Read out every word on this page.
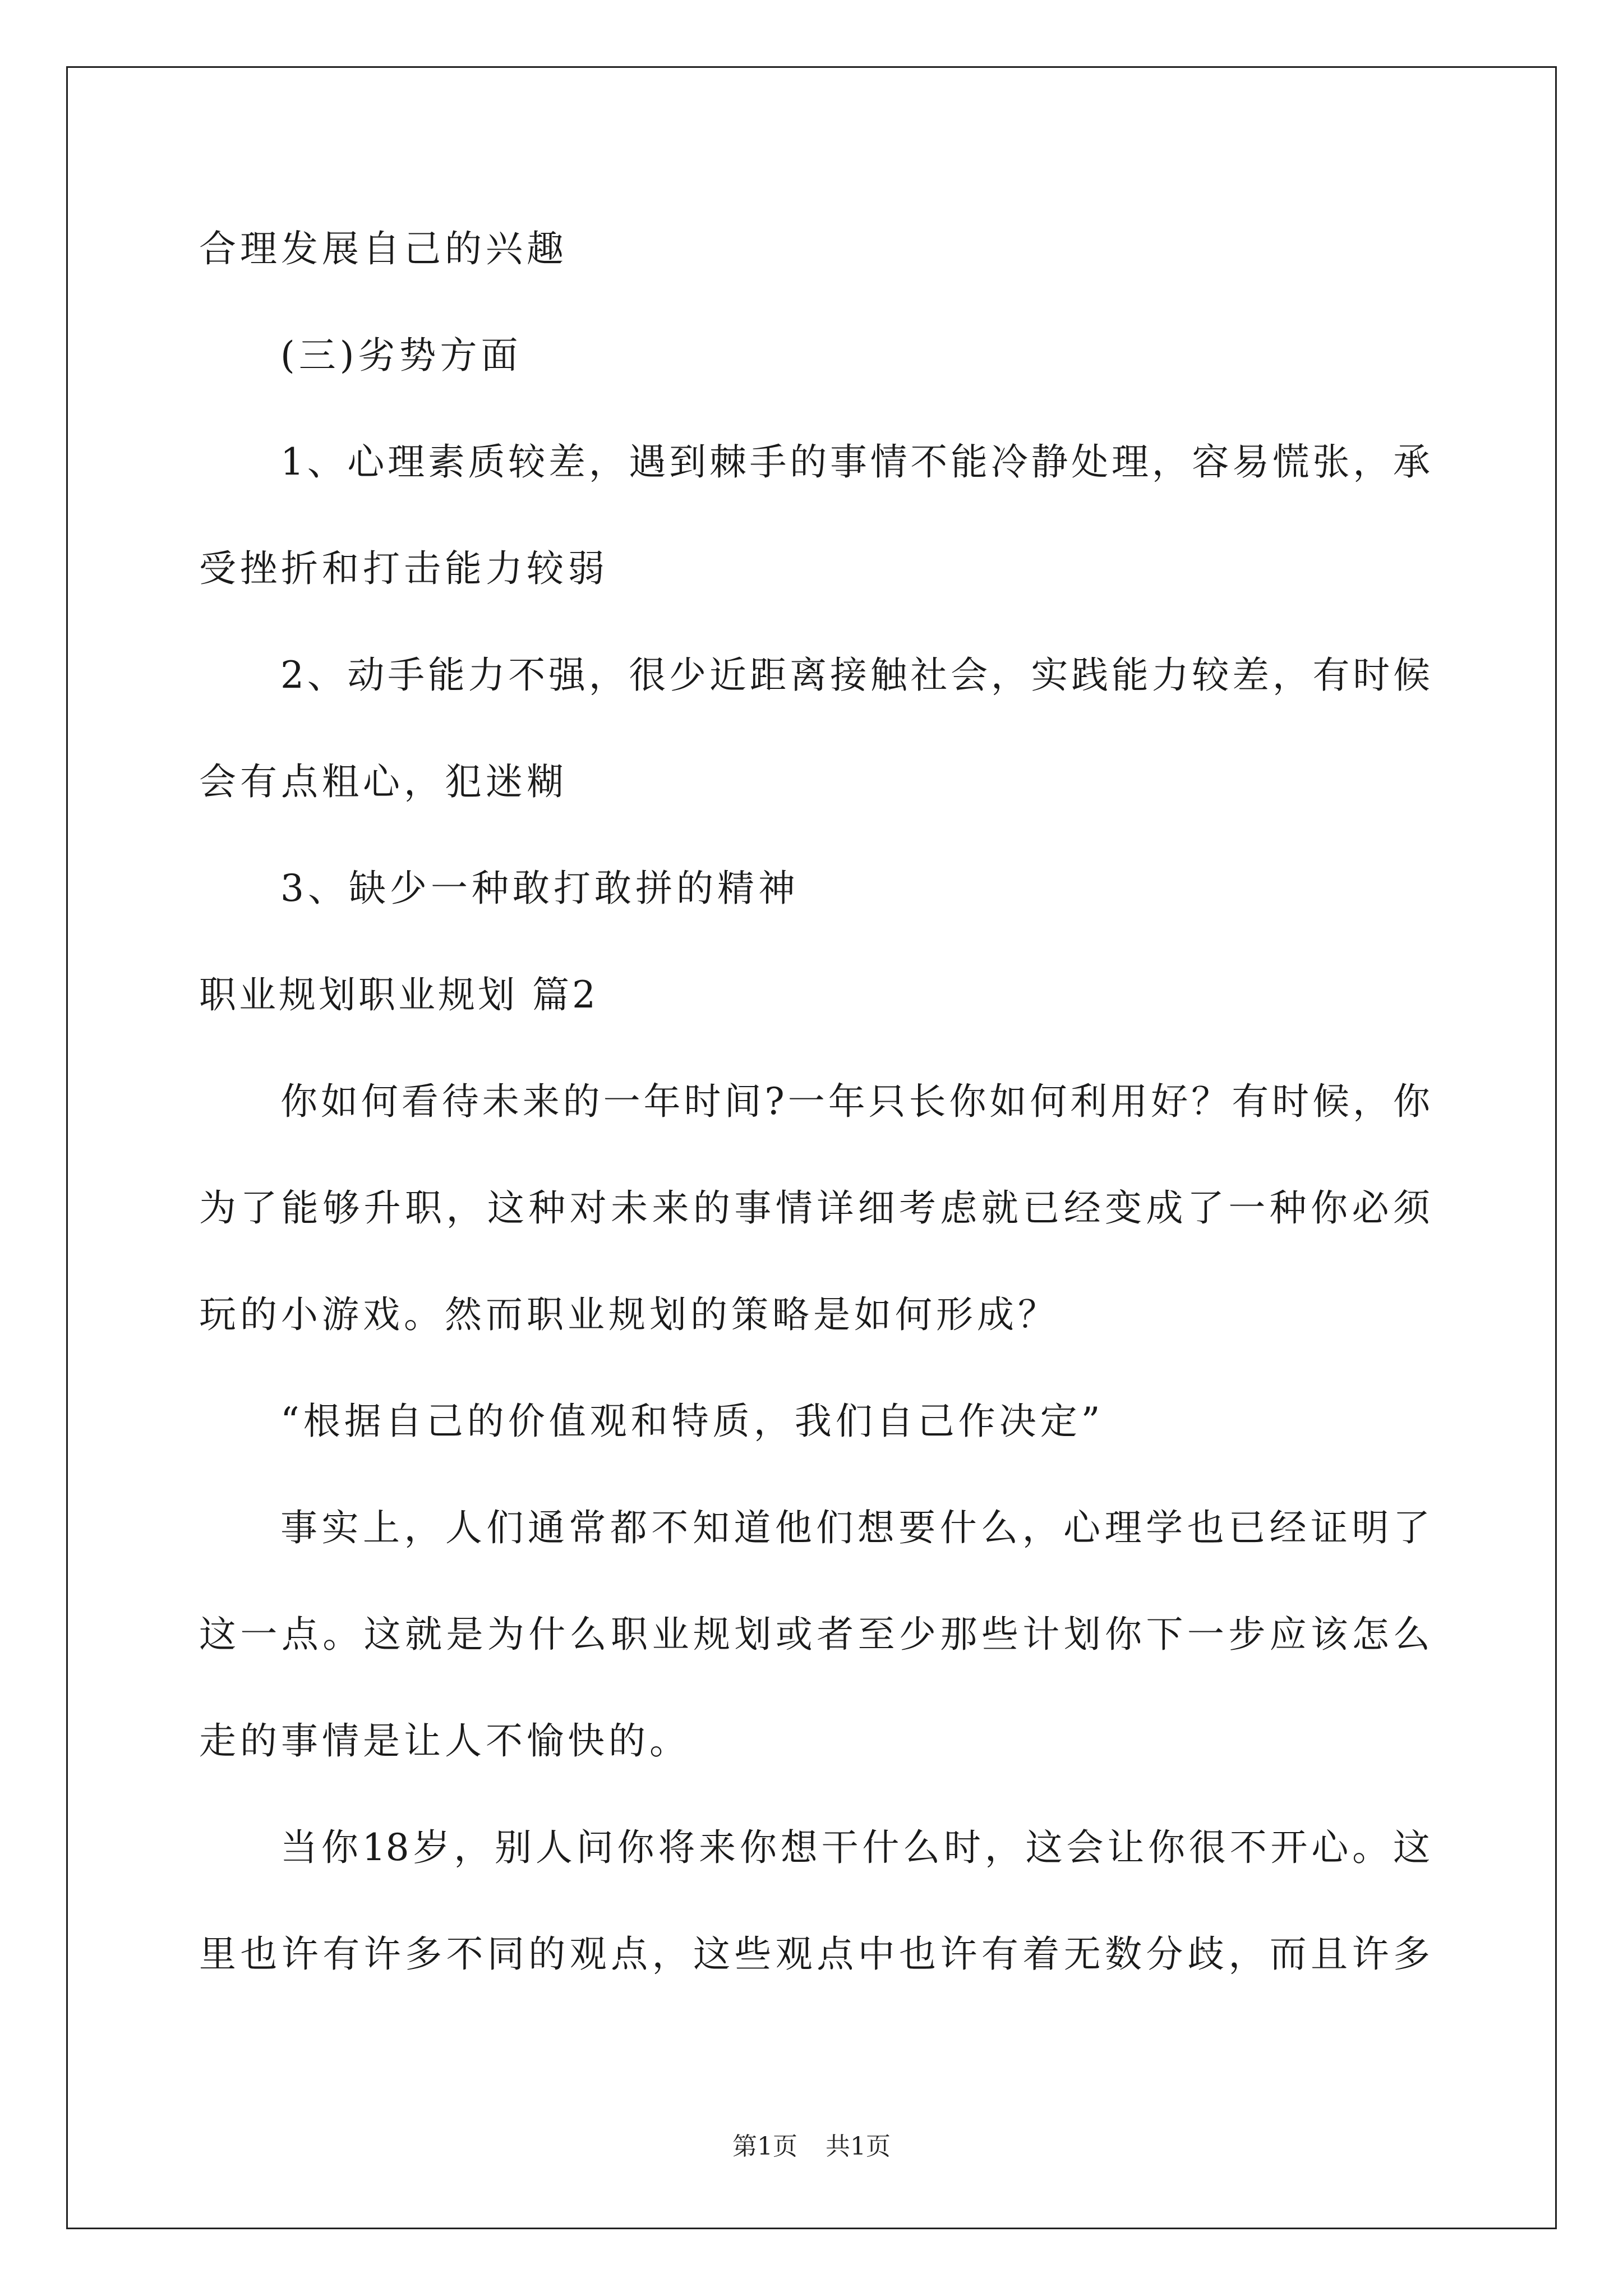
合理发展自己的兴趣
(三)劣势方面
1、心理素质较差，遇到棘手的事情不能冷静处理，容易慌张，承
受挫折和打击能力较弱
2、动手能力不强，很少近距离接触社会，实践能力较差，有时候
会有点粗心，犯迷糊
3、缺少一种敢打敢拼的精神
职业规划职业规划 篇2
你如何看待未来的一年时间?一年只长你如何利用好？有时候，你
为了能够升职，这种对未来的事情详细考虑就已经变成了一种你必须
玩的小游戏。然而职业规划的策略是如何形成？
“根据自己的价值观和特质，我们自己作决定”
事实上，人们通常都不知道他们想要什么，心理学也已经证明了
这一点。这就是为什么职业规划或者至少那些计划你下一步应该怎么
走的事情是让人不愉快的。
当你18岁，别人问你将来你想干什么时，这会让你很不开心。这
里也许有许多不同的观点，这些观点中也许有着无数分歧，而且许多
第1页 共1页
